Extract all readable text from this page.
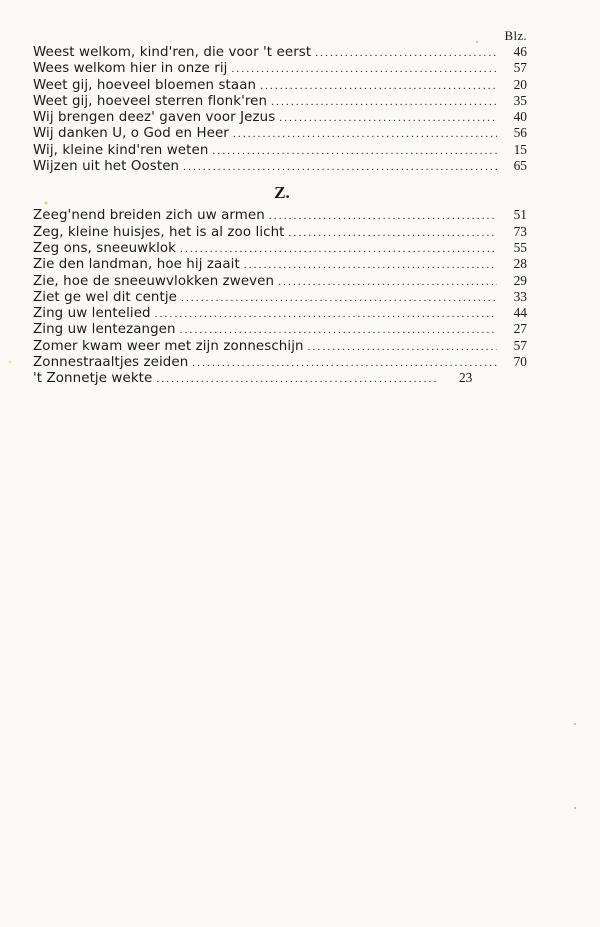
Blz.
Weest welkom, kind'ren, die voor 't eerst .....	46
Wees welkom hier in onze rij .....	57
Weet gij, hoeveel bloemen staan .....	20
Weet gij, hoeveel sterren flonk'ren .....	35
Wij brengen deez' gaven voor Jezus .....	40
Wij danken U, o God en Heer .....	56
Wij, kleine kind'ren weten .....	15
Wijzen uit het Oosten .....	65
Z.
Zeeg'nend breiden zich uw armen .....	51
Zeg, kleine huisjes, het is al zoo licht .....	73
Zeg ons, sneeuwklok .....	55
Zie den landman, hoe hij zaait .....	28
Zie, hoe de sneeuwvlokken zweven .....	29
Ziet ge wel dit centje .....	33
Zing uw lentelied .....	44
Zing uw lentezangen .....	27
Zomer kwam weer met zijn zonneschijn .....	57
Zonnestraaltjes zeiden .....	70
't Zonnetje wekte .....	23
